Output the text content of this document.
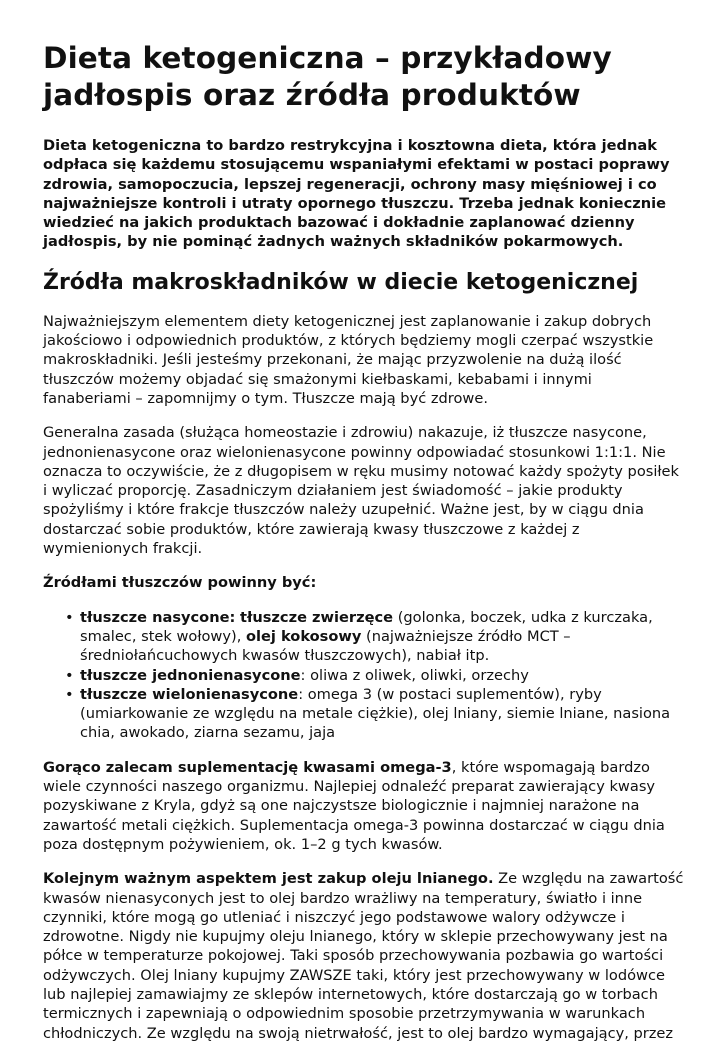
Dieta ketogeniczna – przykładowy jadłospis oraz źródła produktów

Dieta ketogeniczna to bardzo restrykcyjna i kosztowna dieta, która jednak odpłaca się każdemu stosującemu wspaniałymi efektami w postaci poprawy zdrowia, samopoczucia, lepszej regeneracji, ochrony masy mięśniowej i co najważniejsze kontroli i utraty opornego tłuszczu. Trzeba jednak koniecznie wiedzieć na jakich produktach bazować i dokładnie zaplanować dzienny jadłospis, by nie pominąć żadnych ważnych składników pokarmowych.

Źródła makroskładników w diecie ketogenicznej

Najważniejszym elementem diety ketogenicznej jest zaplanowanie i zakup dobrych jakościowo i odpowiednich produktów, z których będziemy mogli czerpać wszystkie makroskładniki. Jeśli jesteśmy przekonani, że mając przyzwolenie na dużą ilość tłuszczów możemy objadać się smażonymi kiełbaskami, kebabami i innymi fanaberiami – zapomnijmy o tym. Tłuszcze mają być zdrowe.

Generalna zasada (służąca homeostazie i zdrowiu) nakazuje, iż tłuszcze nasycone, jednonienasycone oraz wielonienasycone powinny odpowiadać stosunkowi 1:1:1. Nie oznacza to oczywiście, że z długopisem w ręku musimy notować każdy spożyty posiłek i wyliczać proporcję. Zasadniczym działaniem jest świadomość – jakie produkty spożyliśmy i które frakcje tłuszczów należy uzupełnić. Ważne jest, by w ciągu dnia dostarczać sobie produktów, które zawierają kwasy tłuszczowe z każdej z wymienionych frakcji.

Źródłami tłuszczów powinny być:

• tłuszcze nasycone: tłuszcze zwierzęce (golonka, boczek, udka z kurczaka, smalec, stek wołowy), olej kokosowy (najważniejsze źródło MCT – średniołańcuchowych kwasów tłuszczowych), nabiał itp.
• tłuszcze jednonienasycone: oliwa z oliwek, oliwki, orzechy
• tłuszcze wielonienasycone: omega 3 (w postaci suplementów), ryby (umiarkowanie ze względu na metale ciężkie), olej lniany, siemie lniane, nasiona chia, awokado, ziarna sezamu, jaja

Gorąco zalecam suplementację kwasami omega-3, które wspomagają bardzo wiele czynności naszego organizmu. Najlepiej odnaleźć preparat zawierający kwasy pozyskiwane z Kryla, gdyż są one najczystsze biologicznie i najmniej narażone na zawartość metali ciężkich. Suplementacja omega-3 powinna dostarczać w ciągu dnia poza dostępnym pożywieniem, ok. 1–2 g tych kwasów.

Kolejnym ważnym aspektem jest zakup oleju lnianego. Ze względu na zawartość kwasów nienasyconych jest to olej bardzo wrażliwy na temperatury, światło i inne czynniki, które mogą go utleniać i niszczyć jego podstawowe walory odżywcze i zdrowotne. Nigdy nie kupujmy oleju lnianego, który w sklepie przechowywany jest na półce w temperaturze pokojowej. Taki sposób przechowywania pozbawia go wartości odżywczych. Olej lniany kupujmy ZAWSZE taki, który jest przechowywany w lodówce lub najlepiej zamawiajmy ze sklepów internetowych, które dostarczają go w torbach termicznych i zapewniają o odpowiednim sposobie przetrzymywania w warunkach chłodniczych. Ze względu na swoją nietrwałość, jest to olej bardzo wymagający, przez
